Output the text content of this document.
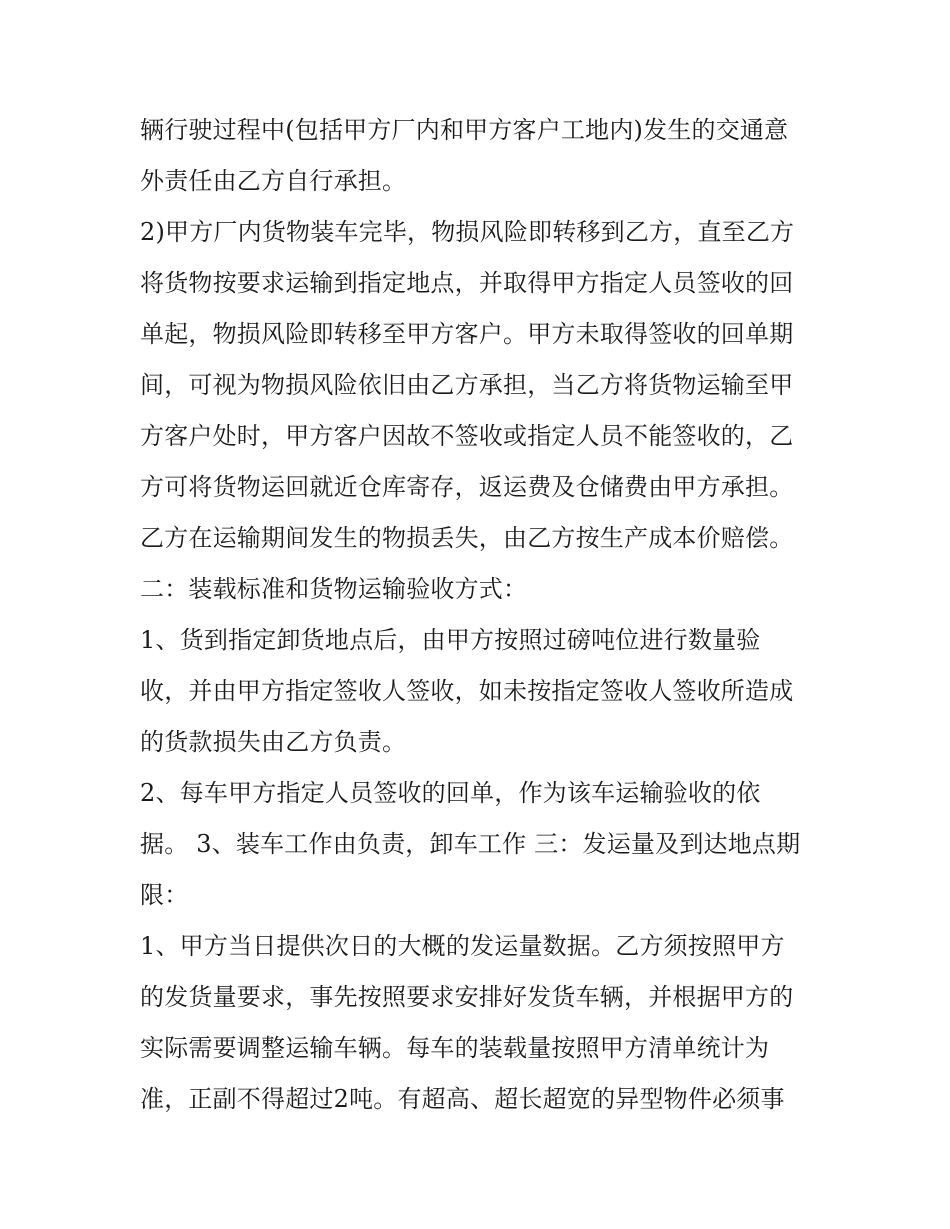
辆行驶过程中(包括甲方厂内和甲方客户工地内)发生的交通意
外责任由乙方自行承担。
2)甲方厂内货物装车完毕，物损风险即转移到乙方，直至乙方
将货物按要求运输到指定地点，并取得甲方指定人员签收的回
单起，物损风险即转移至甲方客户。甲方未取得签收的回单期
间，可视为物损风险依旧由乙方承担，当乙方将货物运输至甲
方客户处时，甲方客户因故不签收或指定人员不能签收的，乙
方可将货物运回就近仓库寄存，返运费及仓储费由甲方承担。
乙方在运输期间发生的物损丢失，由乙方按生产成本价赔偿。
二：装载标准和货物运输验收方式：
1、货到指定卸货地点后，由甲方按照过磅吨位进行数量验
收，并由甲方指定签收人签收，如未按指定签收人签收所造成
的货款损失由乙方负责。
2、每车甲方指定人员签收的回单，作为该车运输验收的依
据。 3、装车工作由负责，卸车工作 三：发运量及到达地点期
限：
1、甲方当日提供次日的大概的发运量数据。乙方须按照甲方
的发货量要求，事先按照要求安排好发货车辆，并根据甲方的
实际需要调整运输车辆。每车的装载量按照甲方清单统计为
准，正副不得超过2吨。有超高、超长超宽的异型物件必须事
